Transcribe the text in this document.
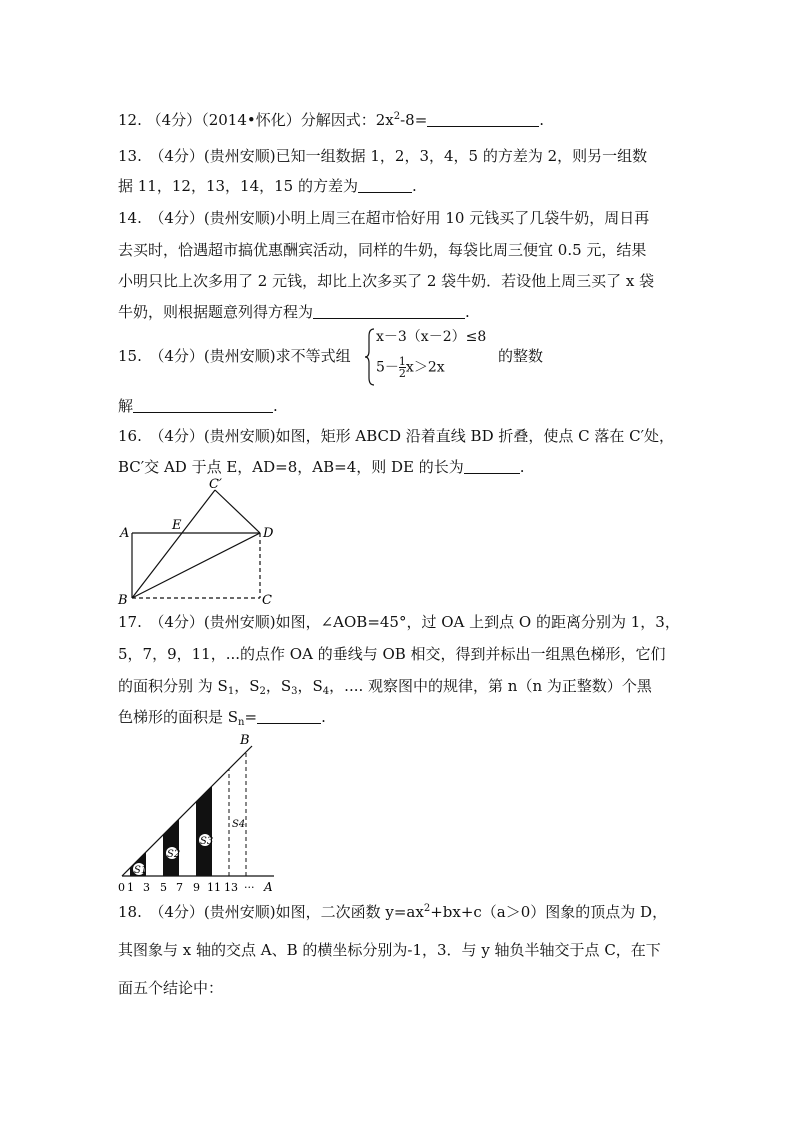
12. （4分）（2014•怀化）分解因式：$2x^2-8=$	.
13.　（4分）(贵州安顺)已知一组数据 1，2，3，4，5 的方差为 2，则另一组数
据 11，12，13，14，15 的方差为	.
14.　（4分）(贵州安顺)小明上周三在超市恰好用 10 元钱买了几袋牛奶，周日再
去买时，恰遇超市搞优惠酬宾活动，同样的牛奶，每袋比周三便宜 0.5 元，结果
小明只比上次多用了 2 元钱，却比上次多买了 2 袋牛奶．若设他上周三买了 x 袋
牛奶，则根据题意列得方程为	.
15.　（4分）(贵州安顺)求不等式组
x－3（x－2）≤8
$5- \frac{1}{2} x>2x$
的整数
解	.
16.　（4分）(贵州安顺)如图，矩形 ABCD 沿着直线 BD 折叠，使点 C 落在 C′处，
BC′交 AD 于点 E，AD=8，AB=4，则 DE 的长为	.
A
B	C
D
E
C′
17.　（4分）(贵州安顺)如图，∠AOB=45°，过 OA 上到点 O 的距离分别为 1，3，
5，7，9，11，...的点作 OA 的垂线与 OB 相交，得到并标出一组黑色梯形，它们
的面积分别 为 $S_1$，$S_2$，$S_3$，$S_4$，.... 观察图中的规律，第 n（n 为正整数）个黑
色梯形的面积是 $S_n=$	.
S1
S2
S3
S4
B
A
0 1 3 5 7 9 11 13 ···
18.　（4分）(贵州安顺)如图，二次函数 $y=ax^2+bx+c(a>0)$图象的顶点为 D，
其图象与 x 轴的交点 A、B 的横坐标分别为-1，3．与 y 轴负半轴交于点 C，在下
面五个结论中：
